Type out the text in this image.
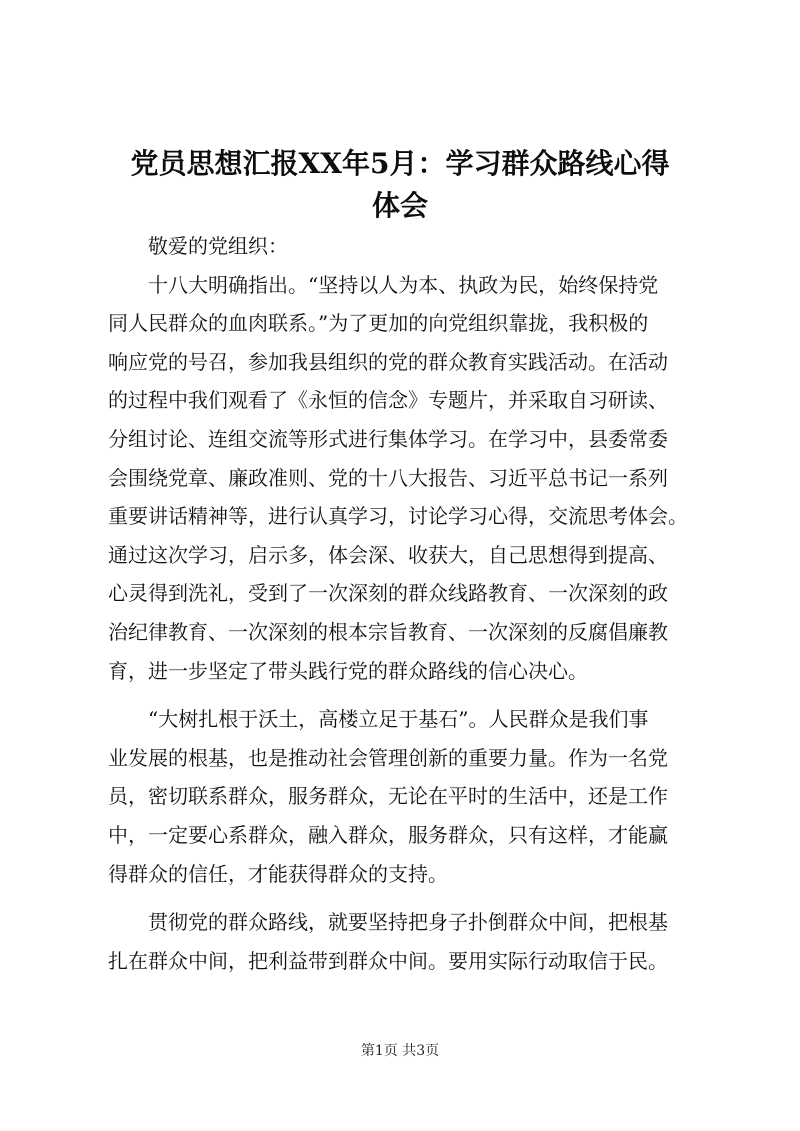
党员思想汇报XX年5月：学习群众路线心得
体会

敬爱的党组织：

十八大明确指出。“坚持以人为本、执政为民，始终保持党
同人民群众的血肉联系。”为了更加的向党组织靠拢，我积极的
响应党的号召，参加我县组织的党的群众教育实践活动。在活动
的过程中我们观看了《永恒的信念》专题片，并采取自习研读、
分组讨论、连组交流等形式进行集体学习。在学习中，县委常委
会围绕党章、廉政准则、党的十八大报告、习近平总书记一系列
重要讲话精神等，进行认真学习，讨论学习心得，交流思考体会。
通过这次学习，启示多，体会深、收获大，自己思想得到提高、
心灵得到洗礼，受到了一次深刻的群众线路教育、一次深刻的政
治纪律教育、一次深刻的根本宗旨教育、一次深刻的反腐倡廉教
育，进一步坚定了带头践行党的群众路线的信心决心。

“大树扎根于沃土，高楼立足于基石”。人民群众是我们事
业发展的根基，也是推动社会管理创新的重要力量。作为一名党
员，密切联系群众，服务群众，无论在平时的生活中，还是工作
中，一定要心系群众，融入群众，服务群众，只有这样，才能赢
得群众的信任，才能获得群众的支持。

贯彻党的群众路线，就要坚持把身子扑倒群众中间，把根基
扎在群众中间，把利益带到群众中间。要用实际行动取信于民。

第1页 共3页
